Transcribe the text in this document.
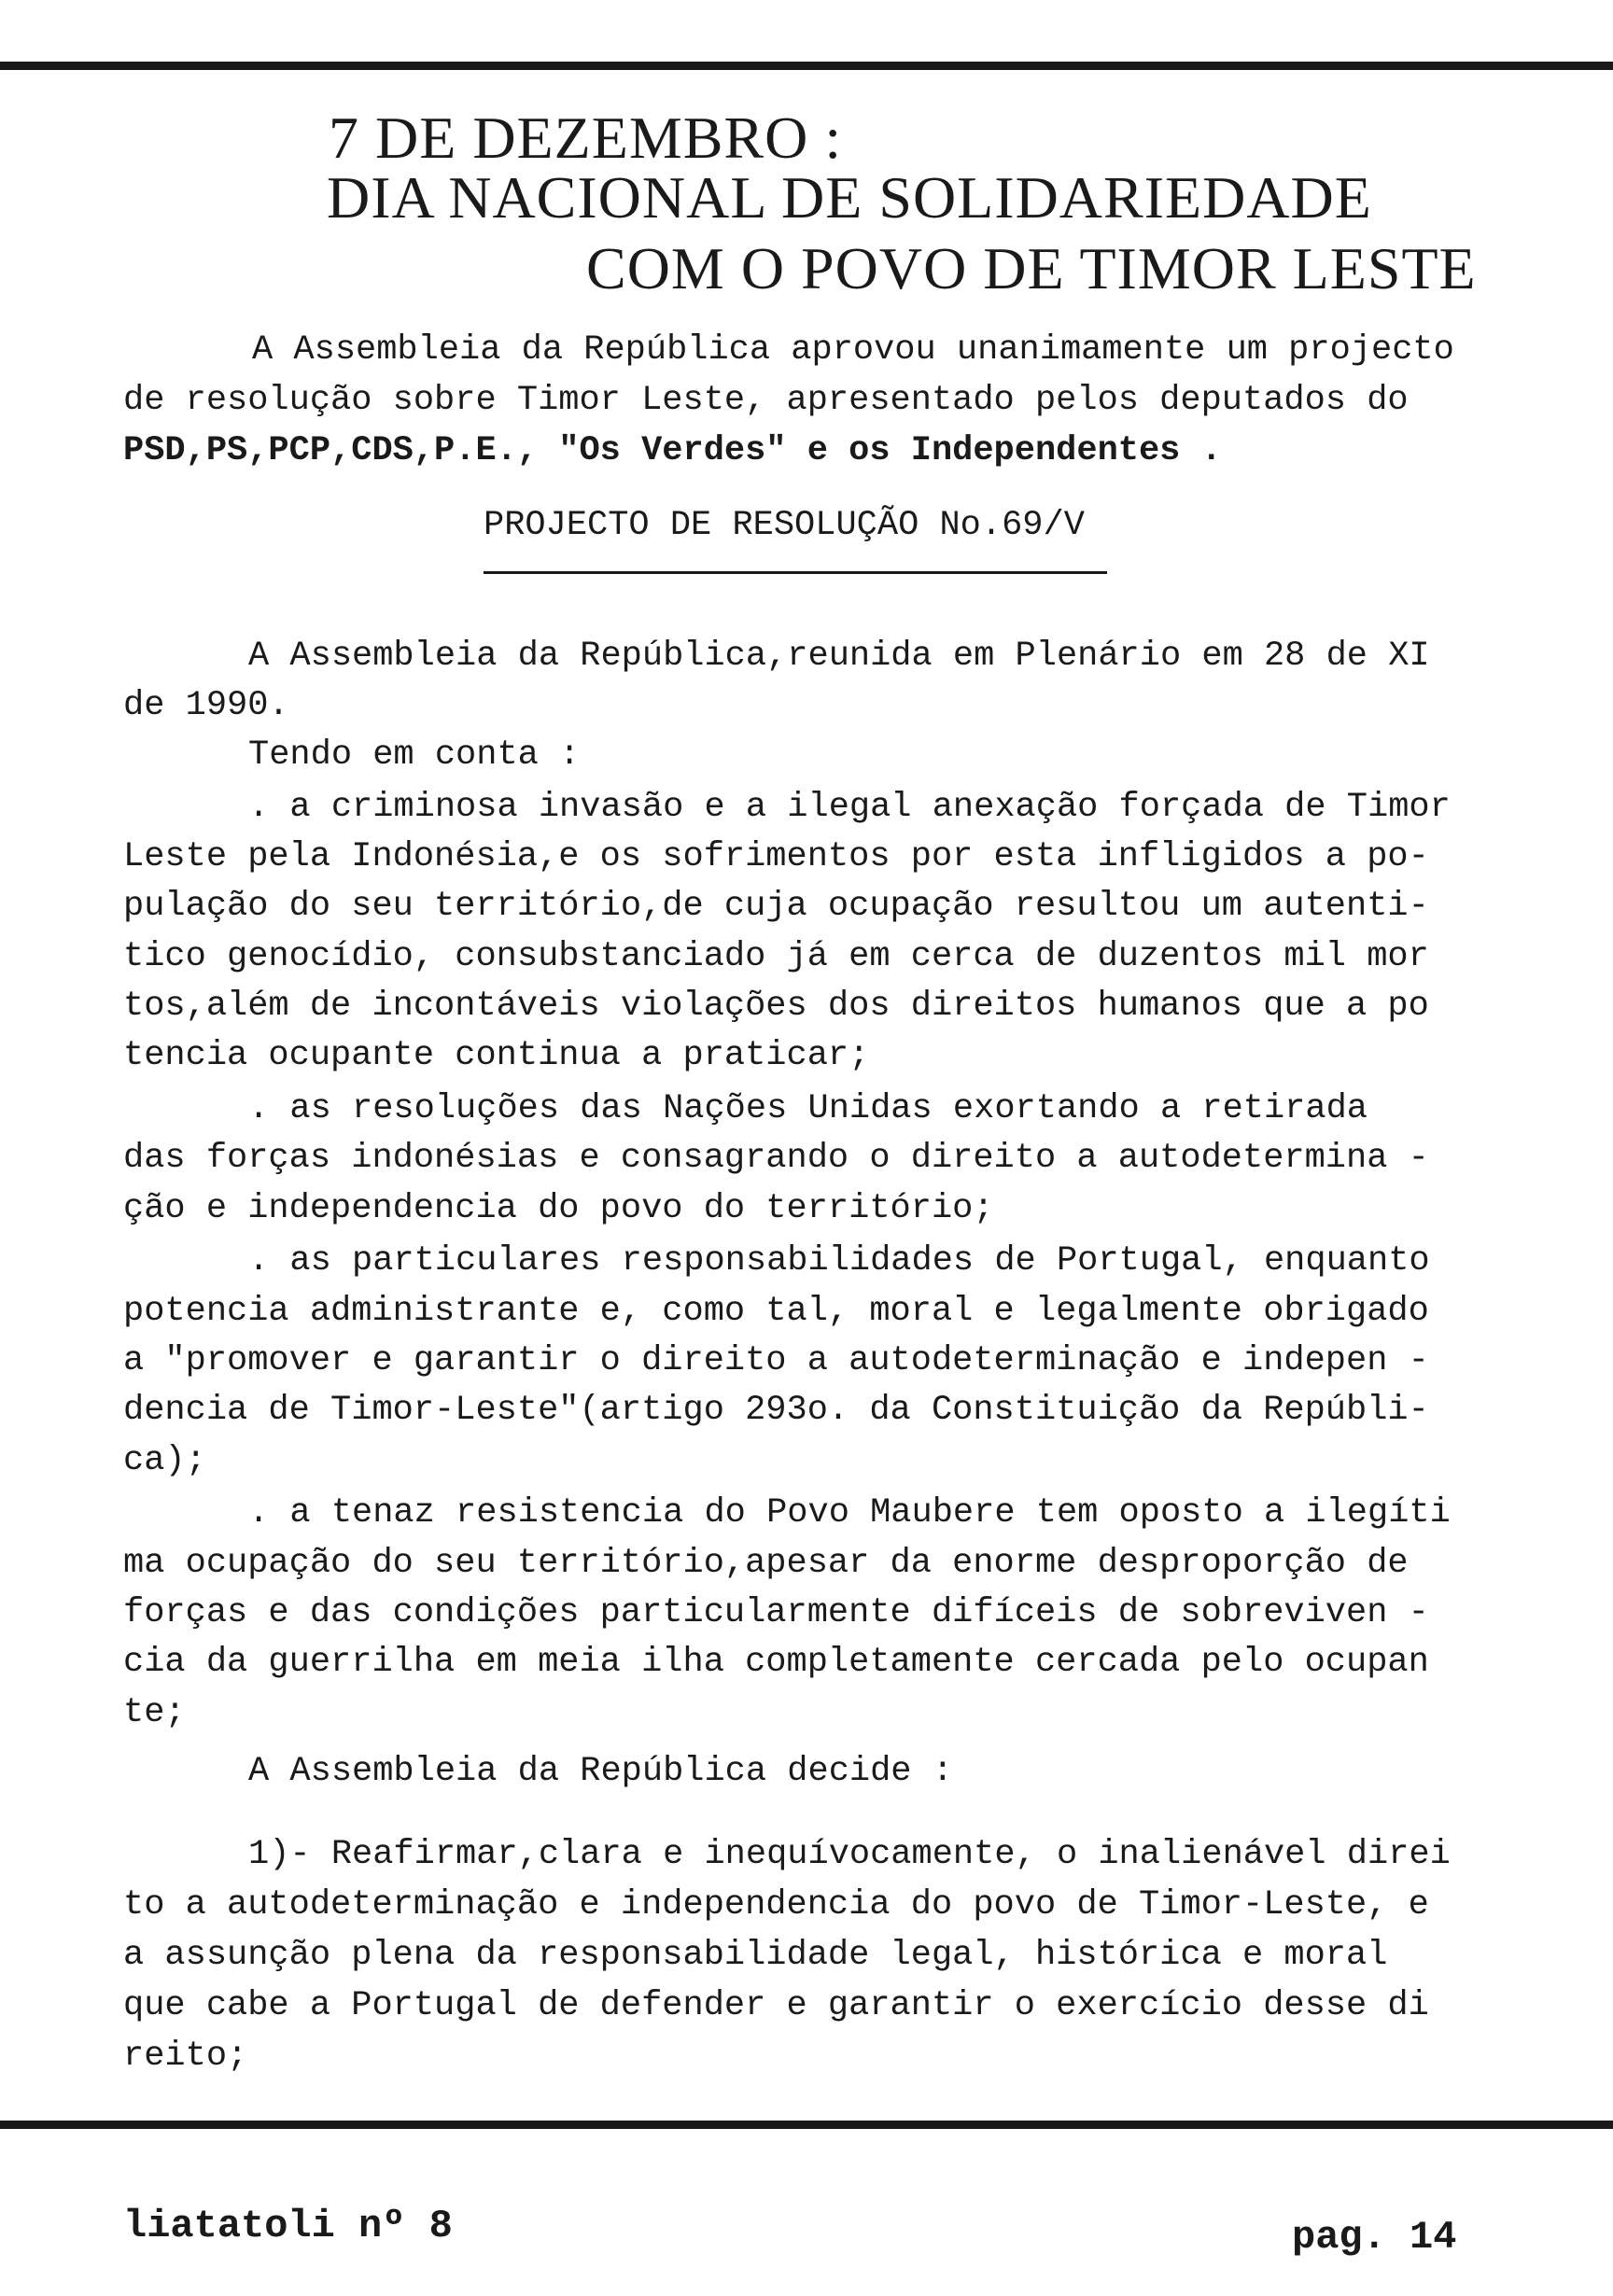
7 DE DEZEMBRO :
DIA NACIONAL DE SOLIDARIEDADE
COM O POVO DE TIMOR LESTE
A Assembleia da República aprovou unanimamente um projecto
de resolução sobre Timor Leste, apresentado pelos deputados do
PSD,PS,PCP,CDS,P.E., "Os Verdes" e os Independentes .
PROJECTO DE RESOLUÇÃO No.69/V
A Assembleia da República,reunida em Plenário em 28 de XI
de 1990.
Tendo em conta :
. a criminosa invasão e a ilegal anexação forçada de Timor
Leste pela Indonésia,e os sofrimentos por esta infligidos a po-
pulação do seu território,de cuja ocupação resultou um autenti-
tico genocídio, consubstanciado já em cerca de duzentos mil mor
tos,além de incontáveis violações dos direitos humanos que a po
tencia ocupante continua a praticar;
. as resoluções das Nações Unidas exortando a retirada
das forças indonésias e consagrando o direito a autodetermina -
ção e independencia do povo do território;
. as particulares responsabilidades de Portugal, enquanto
potencia administrante e, como tal, moral e legalmente obrigado
a "promover e garantir o direito a autodeterminação e indepen -
dencia de Timor-Leste"(artigo 293o. da Constituição da Repúbli-
ca);
. a tenaz resistencia do Povo Maubere tem oposto a ilegíti
ma ocupação do seu território,apesar da enorme desproporção de
forças e das condições particularmente difíceis de sobreviven -
cia da guerrilha em meia ilha completamente cercada pelo ocupan
te;
A Assembleia da República decide :
1)- Reafirmar,clara e inequívocamente, o inalienável direi
to a autodeterminação e independencia do povo de Timor-Leste, e
a assunção plena da responsabilidade legal, histórica e moral
que cabe a Portugal de defender e garantir o exercício desse di
reito;
liatatoli nº 8	pag. 14
